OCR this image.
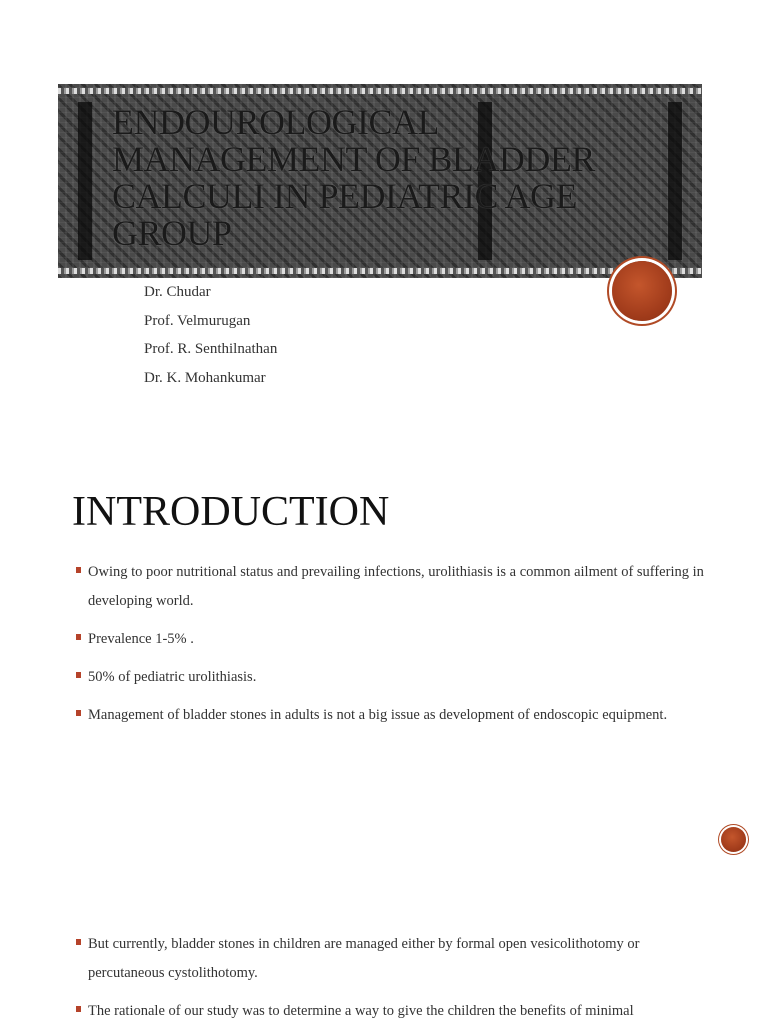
ENDOUROLOGICAL MANAGEMENT OF BLADDER CALCULI IN PEDIATRIC AGE GROUP
Dr. Chudar
Prof. Velmurugan
Prof. R. Senthilnathan
Dr. K. Mohankumar
INTRODUCTION
Owing to poor nutritional status and prevailing infections, urolithiasis is a common ailment of suffering in developing world.
Prevalence 1-5% .
50% of pediatric urolithiasis.
Management of bladder stones in adults is not a big issue as development of endoscopic equipment.
But currently, bladder stones in children are managed either by formal open vesicolithotomy or percutaneous cystolithotomy.
The rationale of our study was to determine a way to give the children the benefits of minimal
